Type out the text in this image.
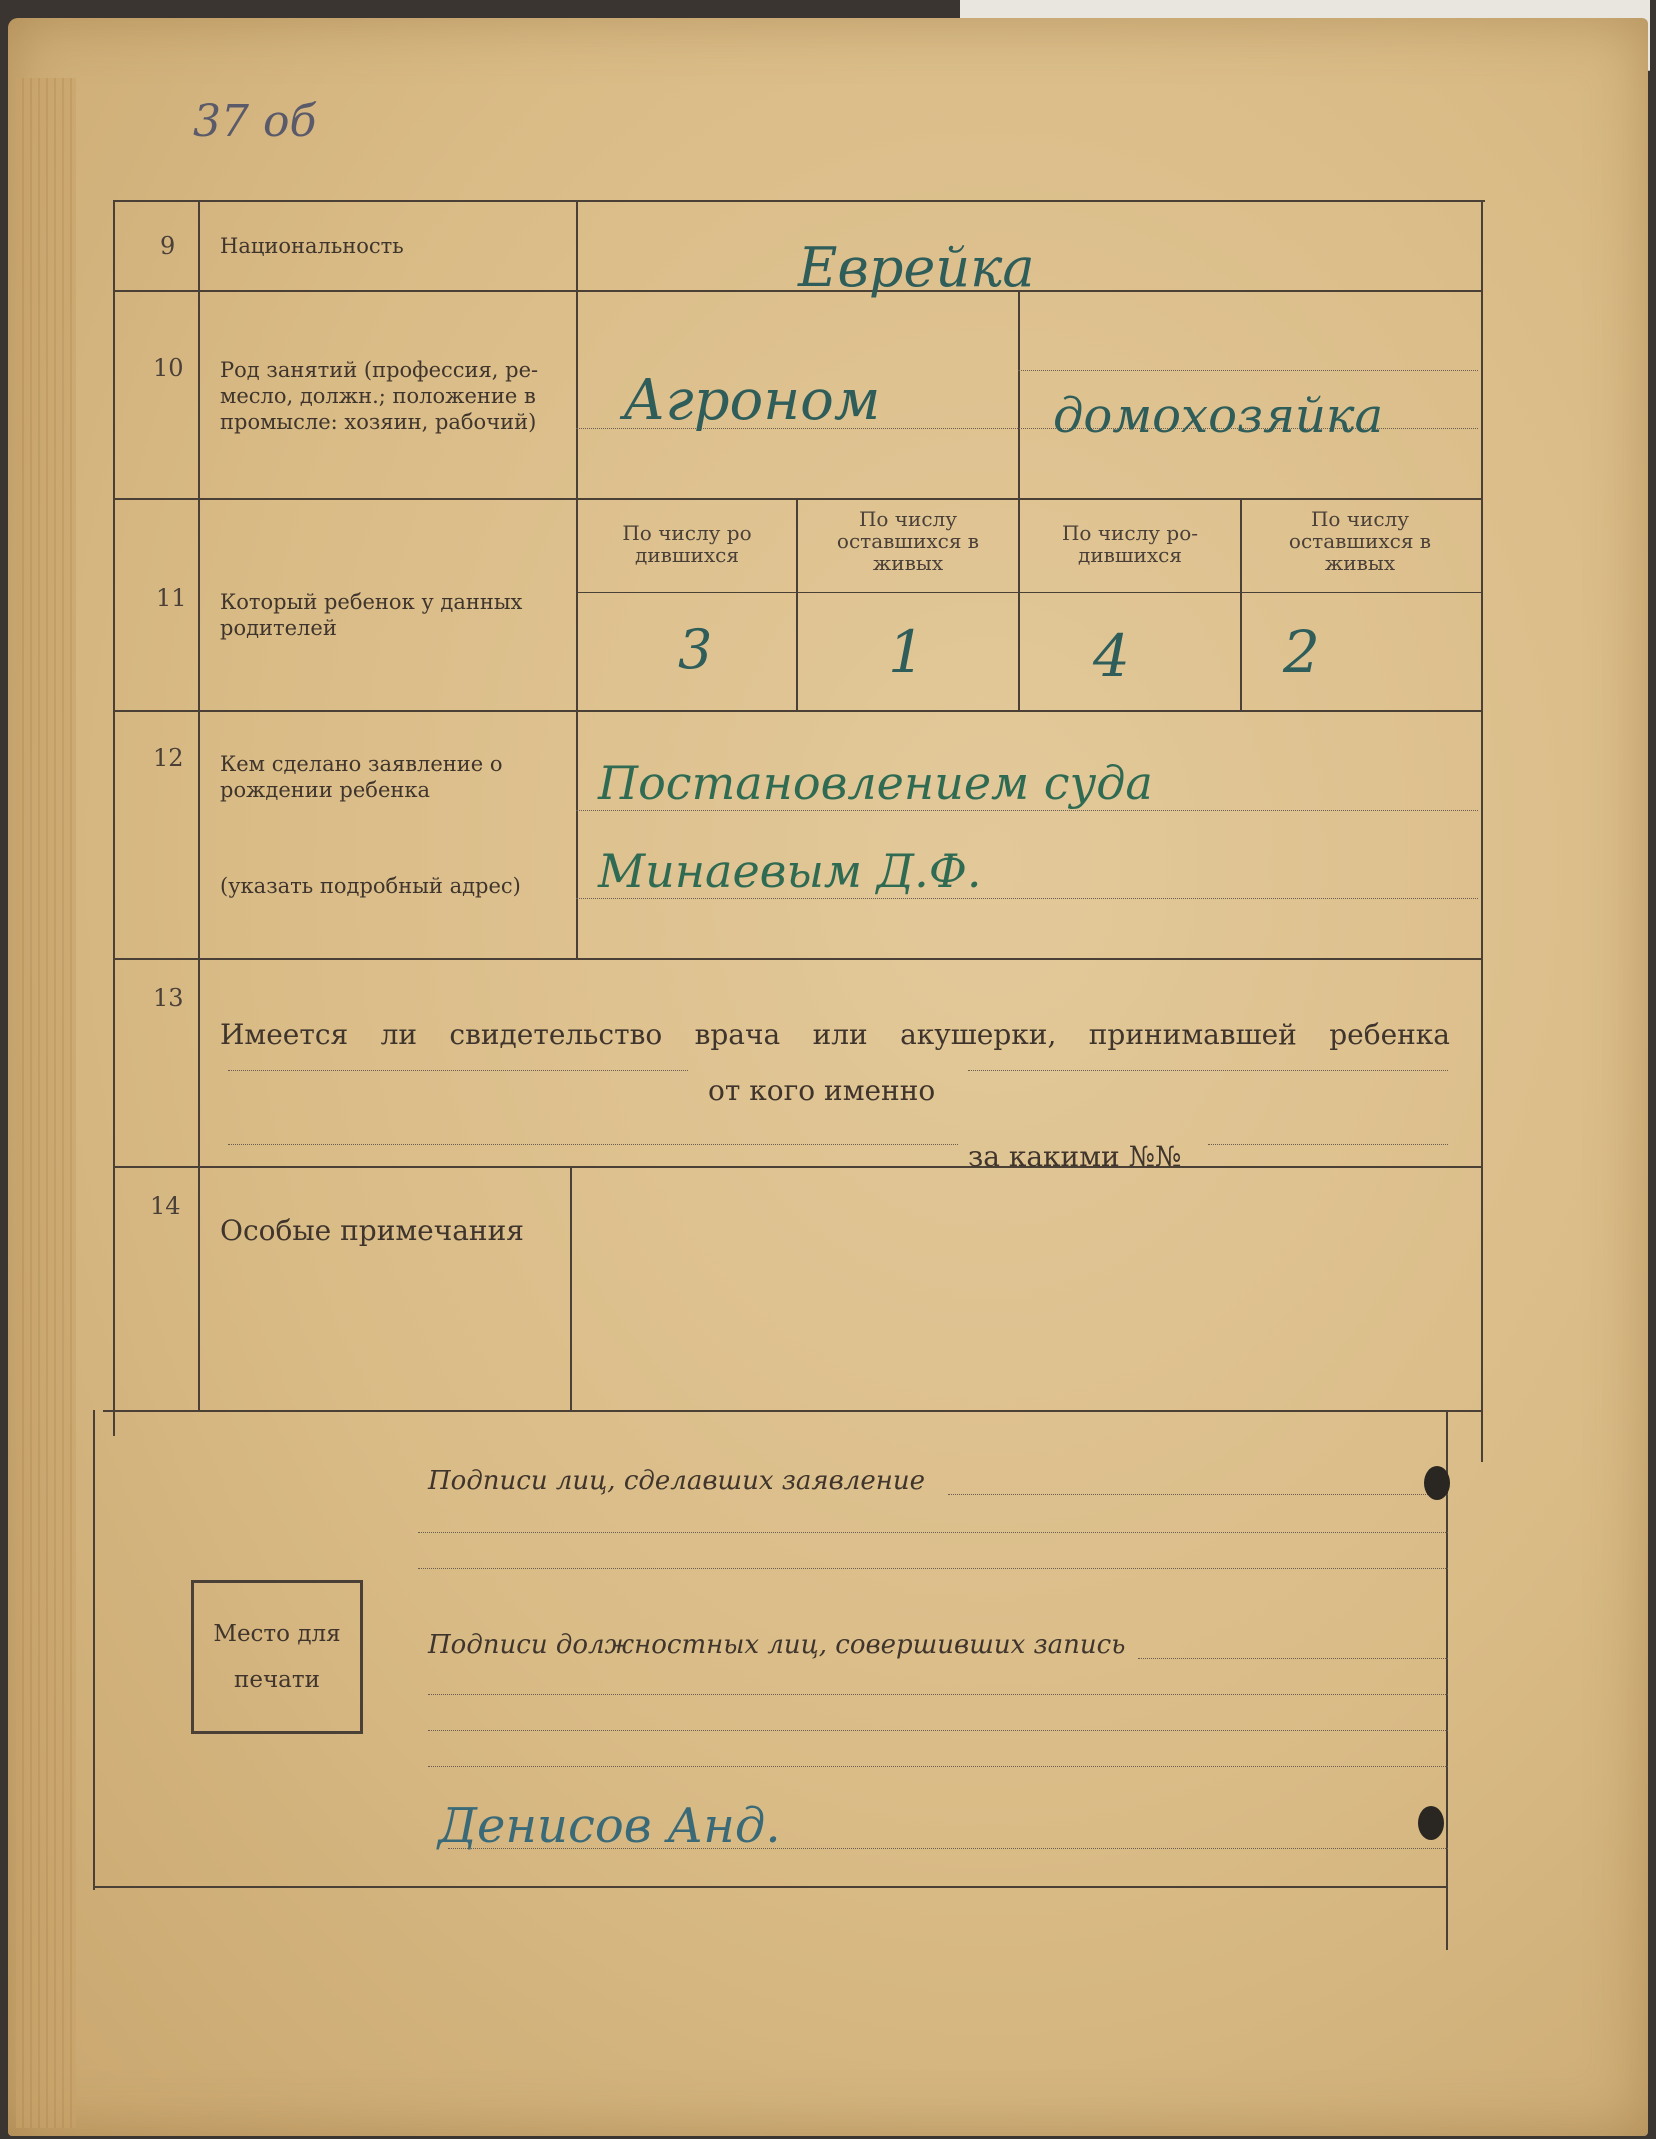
37 об
9 Национальность	Еврейка
10 Род занятий (профессия, ре-
месло, должн.; положение в
промысле: хозяин, рабочий) Агроном	домохозяйка
11 Который ребенок у данных
родителей
По числу ро
дившихся
3
По числу
оставшихся в
живых
1
По числу ро-
дившихся
4
По числу
оставшихся в
живых
2
12 Кем сделано заявление о
рождении ребенка
(указать подробный адрес)
Постановлением суда
Минаевым Д.Ф.
13
Имеется ли свидетельство врача или акушерки, принимавшей ребенка
от кого именно
за какими №№
14
Особые примечания
Подписи лиц, сделавших заявление
Место для
печати
Подписи должностных лиц, совершивших запись
Денисов Анд.
